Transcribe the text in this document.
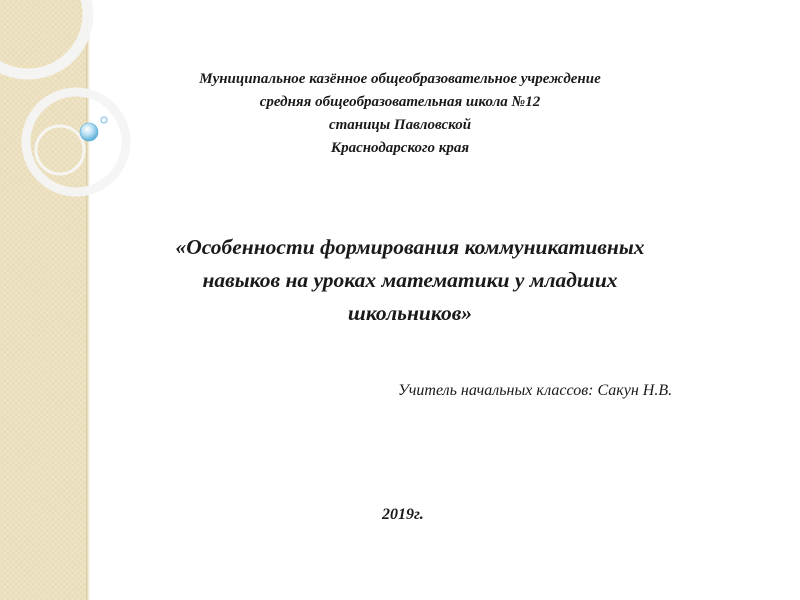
Муниципальное казённое общеобразовательное учреждение
средняя общеобразовательная школа №12
станицы Павловской
Краснодарского края
«Особенности формирования коммуникативных
навыков на уроках математики у младших
школьников»
Учитель начальных классов: Сакун Н.В.
2019г.
